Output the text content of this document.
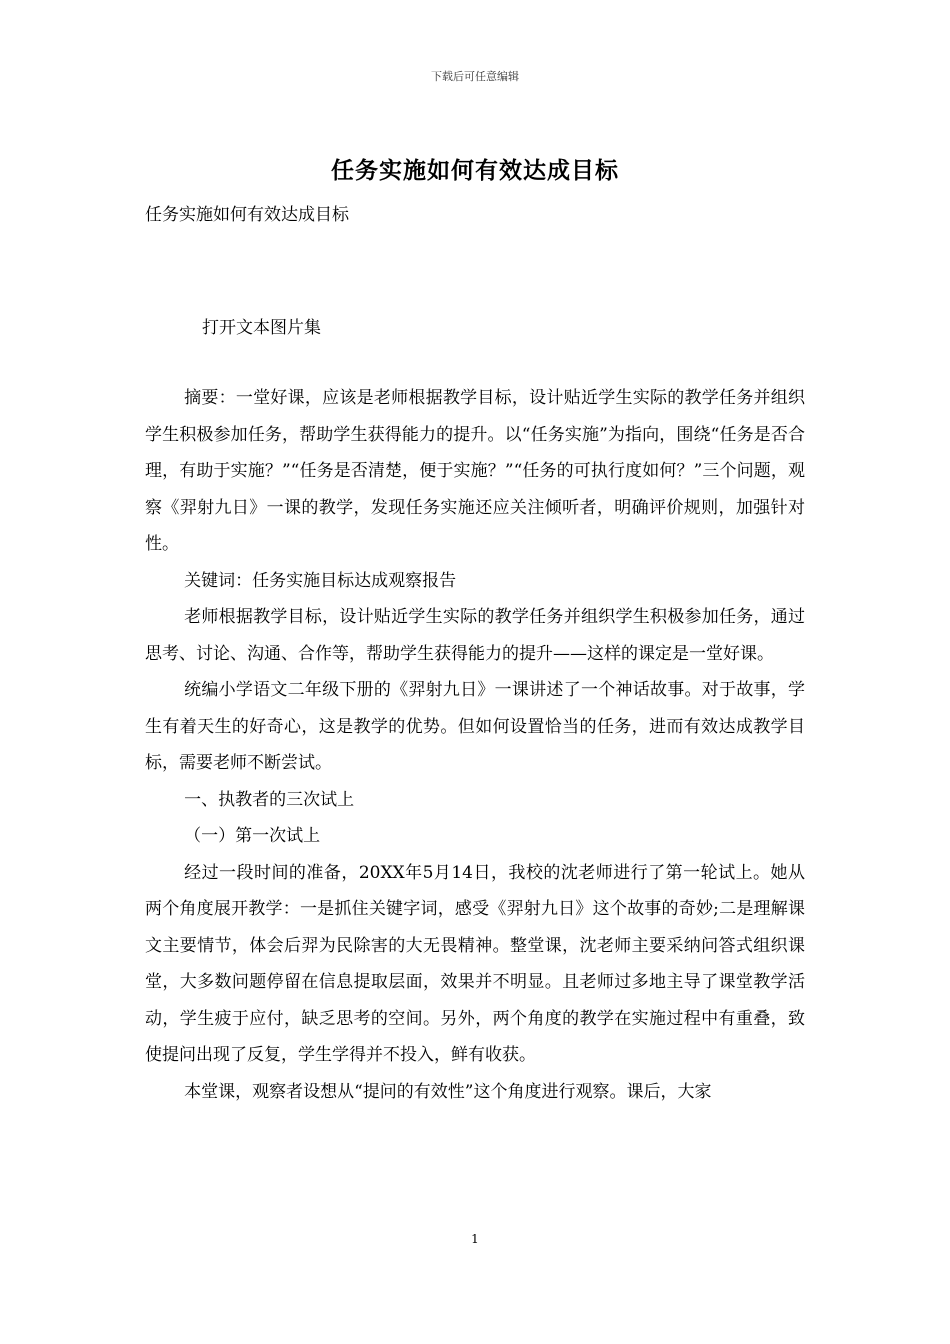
下载后可任意编辑
任务实施如何有效达成目标
任务实施如何有效达成目标
打开文本图片集

摘要：一堂好课，应该是老师根据教学目标，设计贴近学生实际的教学任务并组织学生积极参加任务，帮助学生获得能力的提升。以“任务实施”为指向，围绕“任务是否合理，有助于实施？”“任务是否清楚，便于实施？”“任务的可执行度如何？”三个问题，观察《羿射九日》一课的教学，发现任务实施还应关注倾听者，明确评价规则，加强针对性。

关键词：任务实施目标达成观察报告

老师根据教学目标，设计贴近学生实际的教学任务并组织学生积极参加任务，通过思考、讨论、沟通、合作等，帮助学生获得能力的提升——这样的课定是一堂好课。

统编小学语文二年级下册的《羿射九日》一课讲述了一个神话故事。对于故事，学生有着天生的好奇心，这是教学的优势。但如何设置恰当的任务，进而有效达成教学目标，需要老师不断尝试。

一、执教者的三次试上

（一）第一次试上

经过一段时间的准备，20XX年5月14日，我校的沈老师进行了第一轮试上。她从两个角度展开教学：一是抓住关键字词，感受《羿射九日》这个故事的奇妙;二是理解课文主要情节，体会后羿为民除害的大无畏精神。整堂课，沈老师主要采纳问答式组织课堂，大多数问题停留在信息提取层面，效果并不明显。且老师过多地主导了课堂教学活动，学生疲于应付，缺乏思考的空间。另外，两个角度的教学在实施过程中有重叠，致使提问出现了反复，学生学得并不投入，鲜有收获。

本堂课，观察者设想从“提问的有效性”这个角度进行观察。课后，大家

1
